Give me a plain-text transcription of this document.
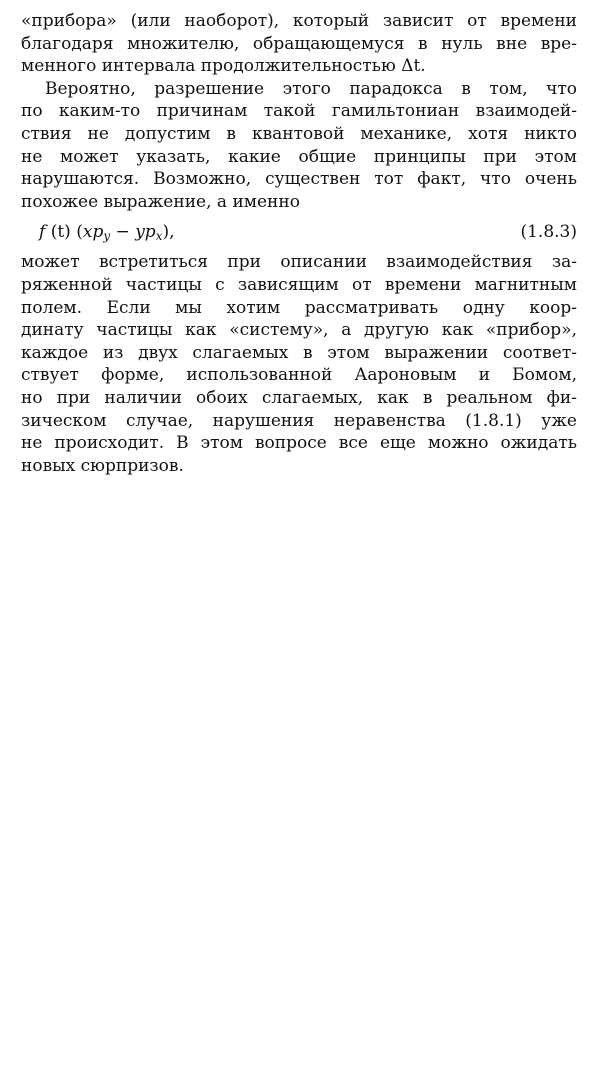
«прибора» (или наоборот), который зависит от времени
благодаря множителю, обращающемуся в нуль вне вре-
менного интервала продолжительностью Δt.

Вероятно, разрешение этого парадокса в том, что
по каким-то причинам такой гамильтониан взаимодей-
ствия не допустим в квантовой механике, хотя никто
не может указать, какие общие принципы при этом
нарушаются. Возможно, существен тот факт, что очень
похожее выражение, а именно

f (t) $(xp_y - yp_x)$,	(1.8.3)

может встретиться при описании взаимодействия за-
ряженной частицы с зависящим от времени магнитным
полем. Если мы хотим рассматривать одну коор-
динату частицы как «систему», а другую как «прибор»,
каждое из двух слагаемых в этом выражении соответ-
ствует форме, использованной Аароновым и Бомом,
но при наличии обоих слагаемых, как в реальном фи-
зическом случае, нарушения неравенства (1.8.1) уже
не происходит. В этом вопросе все еще можно ожидать
новых сюрпризов.
